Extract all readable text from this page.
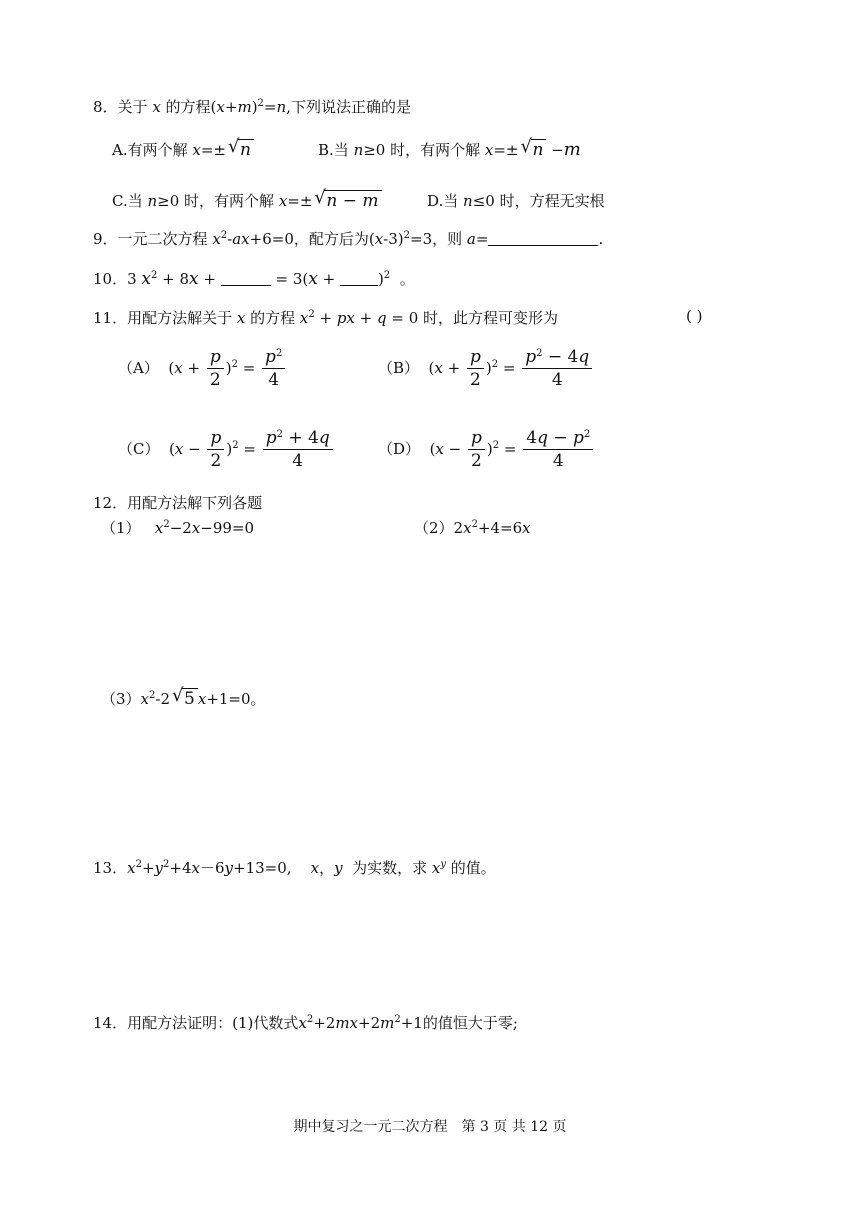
8．关于 x 的方程$(x+m)^2=n$,下列说法正确的是
A.有两个解 x=± √ n	B.当 n≥0 时，有两个解 x=± √ n −m
C.当 n≥0 时，有两个解 x=± √ n − m	D.当 n≤0 时，方程无实根
9．一元二次方程 $x^2-ax+6=0$，配方后为$(x-3)^2=3$，则 a=	.
10．3 $x^2 + 8x$ +	= 3(x +	)$^2$  。
11．用配方法解关于 x 的方程 $x^2$ + px + q = 0 时，此方程可变形为	( )
（A）  $(x + \frac{p}{2} )^2 = \frac{p^2}{4}$	（B）  $(x + \frac{p}{2} )^2 = \frac{p^2 - 4q}{4}$
（C）  $(x - \frac{p}{2} )^2 = \frac{p^2 + 4q}{4}$	（D）  $(x - \frac{p}{2} )^2 = \frac{4q - p^2}{4}$
12．用配方法解下列各题
（1）   $x^2-2x-99=0$	$(2)2x^2+4=6x$
$(3)x^2-2$ √ 5 x+1=0。
13．$x^2+y^2+4x-6y+13=0$,    x，y  为实数，求 $x^y$ 的值。
14．用配方法证明：(1)代数式$x^2+2mx+2m^2+1$的值恒大于零;
期中复习之一元二次方程　第 3 页 共 12 页
